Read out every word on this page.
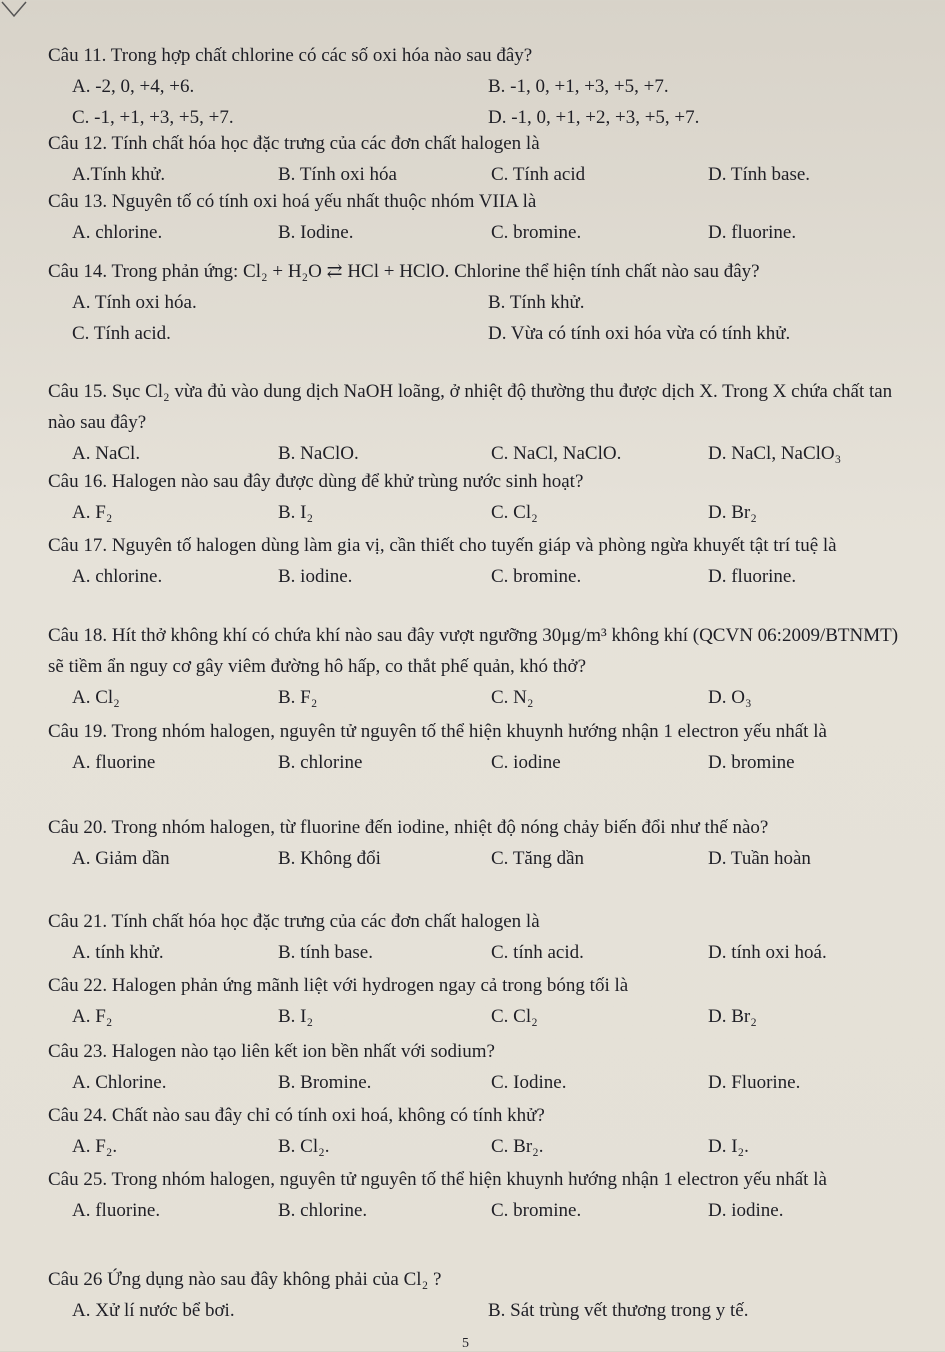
Câu 11. Trong hợp chất chlorine có các số oxi hóa nào sau đây?
A. -2, 0, +4, +6.	B. -1, 0, +1, +3, +5, +7.
C. -1, +1, +3, +5, +7.	D. -1, 0, +1, +2, +3, +5, +7.
Câu 12. Tính chất hóa học đặc trưng của các đơn chất halogen là
A.Tính khử.	B. Tính oxi hóa	C. Tính acid	D. Tính base.
Câu 13. Nguyên tố có tính oxi hoá yếu nhất thuộc nhóm VIIA là
A. chlorine.	B. Iodine.	C. bromine.	D. fluorine.
Câu 14. Trong phản ứng: Cl₂ + H₂O ⇄ HCl + HClO. Chlorine thể hiện tính chất nào sau đây?
A. Tính oxi hóa.	B. Tính khử.
C. Tính acid.	D. Vừa có tính oxi hóa vừa có tính khử.
Câu 15. Sục Cl₂ vừa đủ vào dung dịch NaOH loãng, ở nhiệt độ thường thu được dịch X. Trong X chứa chất tan nào sau đây?
A. NaCl.	B. NaClO.	C. NaCl, NaClO.	D. NaCl, NaClO₃
Câu 16. Halogen nào sau đây được dùng để khử trùng nước sinh hoạt?
A. F₂	B. I₂	C. Cl₂	D. Br₂
Câu 17. Nguyên tố halogen dùng làm gia vị, cần thiết cho tuyến giáp và phòng ngừa khuyết tật trí tuệ là
A. chlorine.	B. iodine.	C. bromine.	D. fluorine.
Câu 18. Hít thở không khí có chứa khí nào sau đây vượt ngưỡng 30μg/m³ không khí (QCVN 06:2009/BTNMT) sẽ tiềm ẩn nguy cơ gây viêm đường hô hấp, co thắt phế quản, khó thở?
A. Cl₂	B. F₂	C. N₂	D. O₃
Câu 19. Trong nhóm halogen, nguyên tử nguyên tố thể hiện khuynh hướng nhận 1 electron yếu nhất là
A. fluorine	B. chlorine	C. iodine	D. bromine
Câu 20. Trong nhóm halogen, từ fluorine đến iodine, nhiệt độ nóng chảy biến đổi như thế nào?
A. Giảm dần	B. Không đổi	C. Tăng dần	D. Tuần hoàn
Câu 21. Tính chất hóa học đặc trưng của các đơn chất halogen là
A. tính khử.	B. tính base.	C. tính acid.	D. tính oxi hoá.
Câu 22. Halogen phản ứng mãnh liệt với hydrogen ngay cả trong bóng tối là
A. F₂	B. I₂	C. Cl₂	D. Br₂
Câu 23. Halogen nào tạo liên kết ion bền nhất với sodium?
A. Chlorine.	B. Bromine.	C. Iodine.	D. Fluorine.
Câu 24. Chất nào sau đây chỉ có tính oxi hoá, không có tính khử?
A. F₂.	B. Cl₂.	C. Br₂.	D. I₂.
Câu 25. Trong nhóm halogen, nguyên tử nguyên tố thể hiện khuynh hướng nhận 1 electron yếu nhất là
A. fluorine.	B. chlorine.	C. bromine.	D. iodine.
Câu 26 Ứng dụng nào sau đây không phải của Cl₂ ?
A. Xử lí nước bể bơi.	B. Sát trùng vết thương trong y tế.
5
